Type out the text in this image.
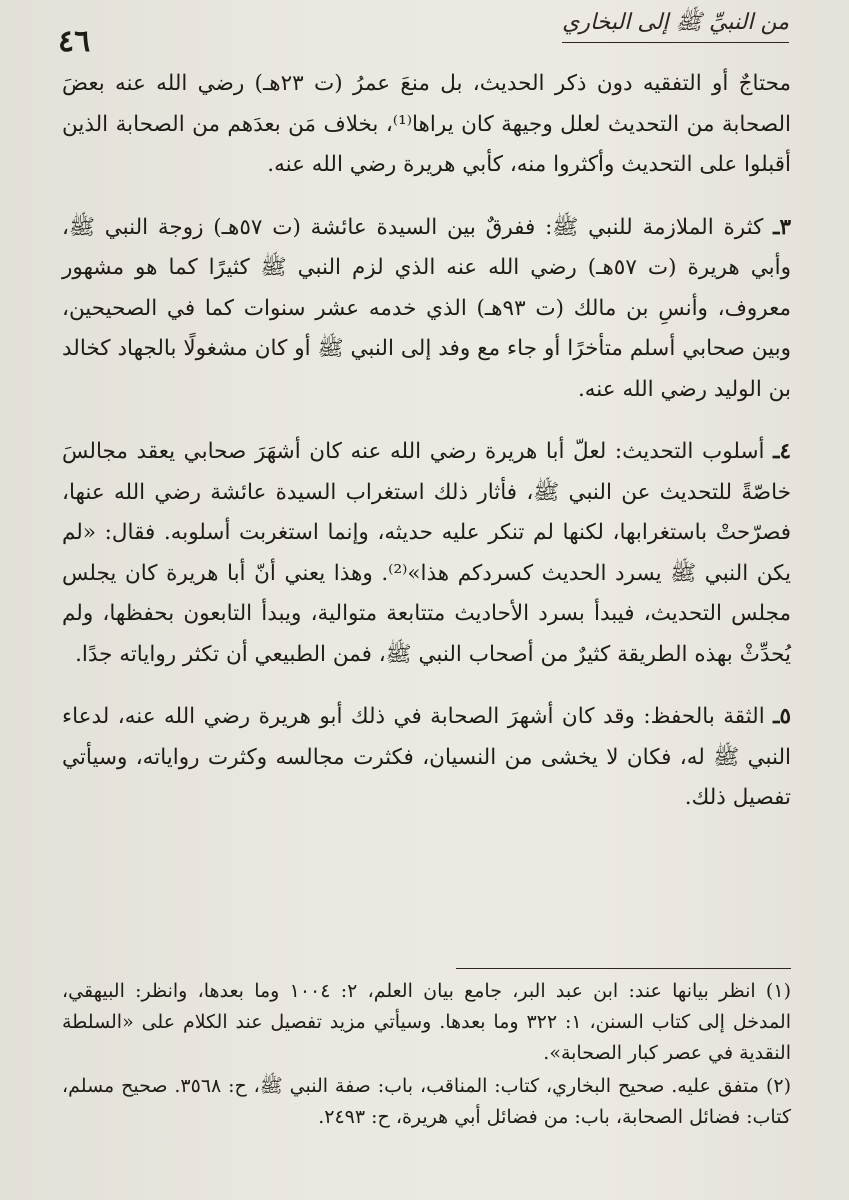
٤٦
من النبيِّ ﷺ إلى البخاري

محتاجٌ أو التفقيه دون ذكر الحديث، بل منعَ عمرُ (ت ٢٣هـ) رضي الله عنه بعضَ الصحابة من التحديث لعلل وجيهة كان يراها⁽¹⁾، بخلاف مَن بعدَهم من الصحابة الذين أقبلوا على التحديث وأكثروا منه، كأبي هريرة رضي الله عنه.

٣ـ كثرة الملازمة للنبي ﷺ: ففرقٌ بين السيدة عائشة (ت ٥٧هـ) زوجة النبي ﷺ، وأبي هريرة (ت ٥٧هـ) رضي الله عنه الذي لزم النبي ﷺ كثيرًا كما هو مشهور معروف، وأنسِ بن مالك (ت ٩٣هـ) الذي خدمه عشر سنوات كما في الصحيحين، وبين صحابي أسلم متأخرًا أو جاء مع وفد إلى النبي ﷺ أو كان مشغولًا بالجهاد كخالد بن الوليد رضي الله عنه.

٤ـ أسلوب التحديث: لعلّ أبا هريرة رضي الله عنه كان أشهَرَ صحابي يعقد مجالسَ خاصّةً للتحديث عن النبي ﷺ، فأثار ذلك استغراب السيدة عائشة رضي الله عنها، فصرّحتْ باستغرابها، لكنها لم تنكر عليه حديثه، وإنما استغربت أسلوبه. فقال: «لم يكن النبي ﷺ يسرد الحديث كسردكم هذا»⁽²⁾. وهذا يعني أنّ أبا هريرة كان يجلس مجلس التحديث، فيبدأ بسرد الأحاديث متتابعة متوالية، ويبدأ التابعون بحفظها، ولم يُحدِّثْ بهذه الطريقة كثيرٌ من أصحاب النبي ﷺ، فمن الطبيعي أن تكثر رواياته جدًا.

٥ـ الثقة بالحفظ: وقد كان أشهرَ الصحابة في ذلك أبو هريرة رضي الله عنه، لدعاء النبي ﷺ له، فكان لا يخشى من النسيان، فكثرت مجالسه وكثرت رواياته، وسيأتي تفصيل ذلك.

(١) انظر بيانها عند: ابن عبد البر، جامع بيان العلم، ٢: ١٠٠٤ وما بعدها، وانظر: البيهقي، المدخل إلى كتاب السنن، ١: ٣٢٢ وما بعدها. وسيأتي مزيد تفصيل عند الكلام على «السلطة النقدية في عصر كبار الصحابة».

(٢) متفق عليه. صحيح البخاري، كتاب: المناقب، باب: صفة النبي ﷺ، ح: ٣٥٦٨. صحيح مسلم، كتاب: فضائل الصحابة، باب: من فضائل أبي هريرة، ح: ٢٤٩٣.
